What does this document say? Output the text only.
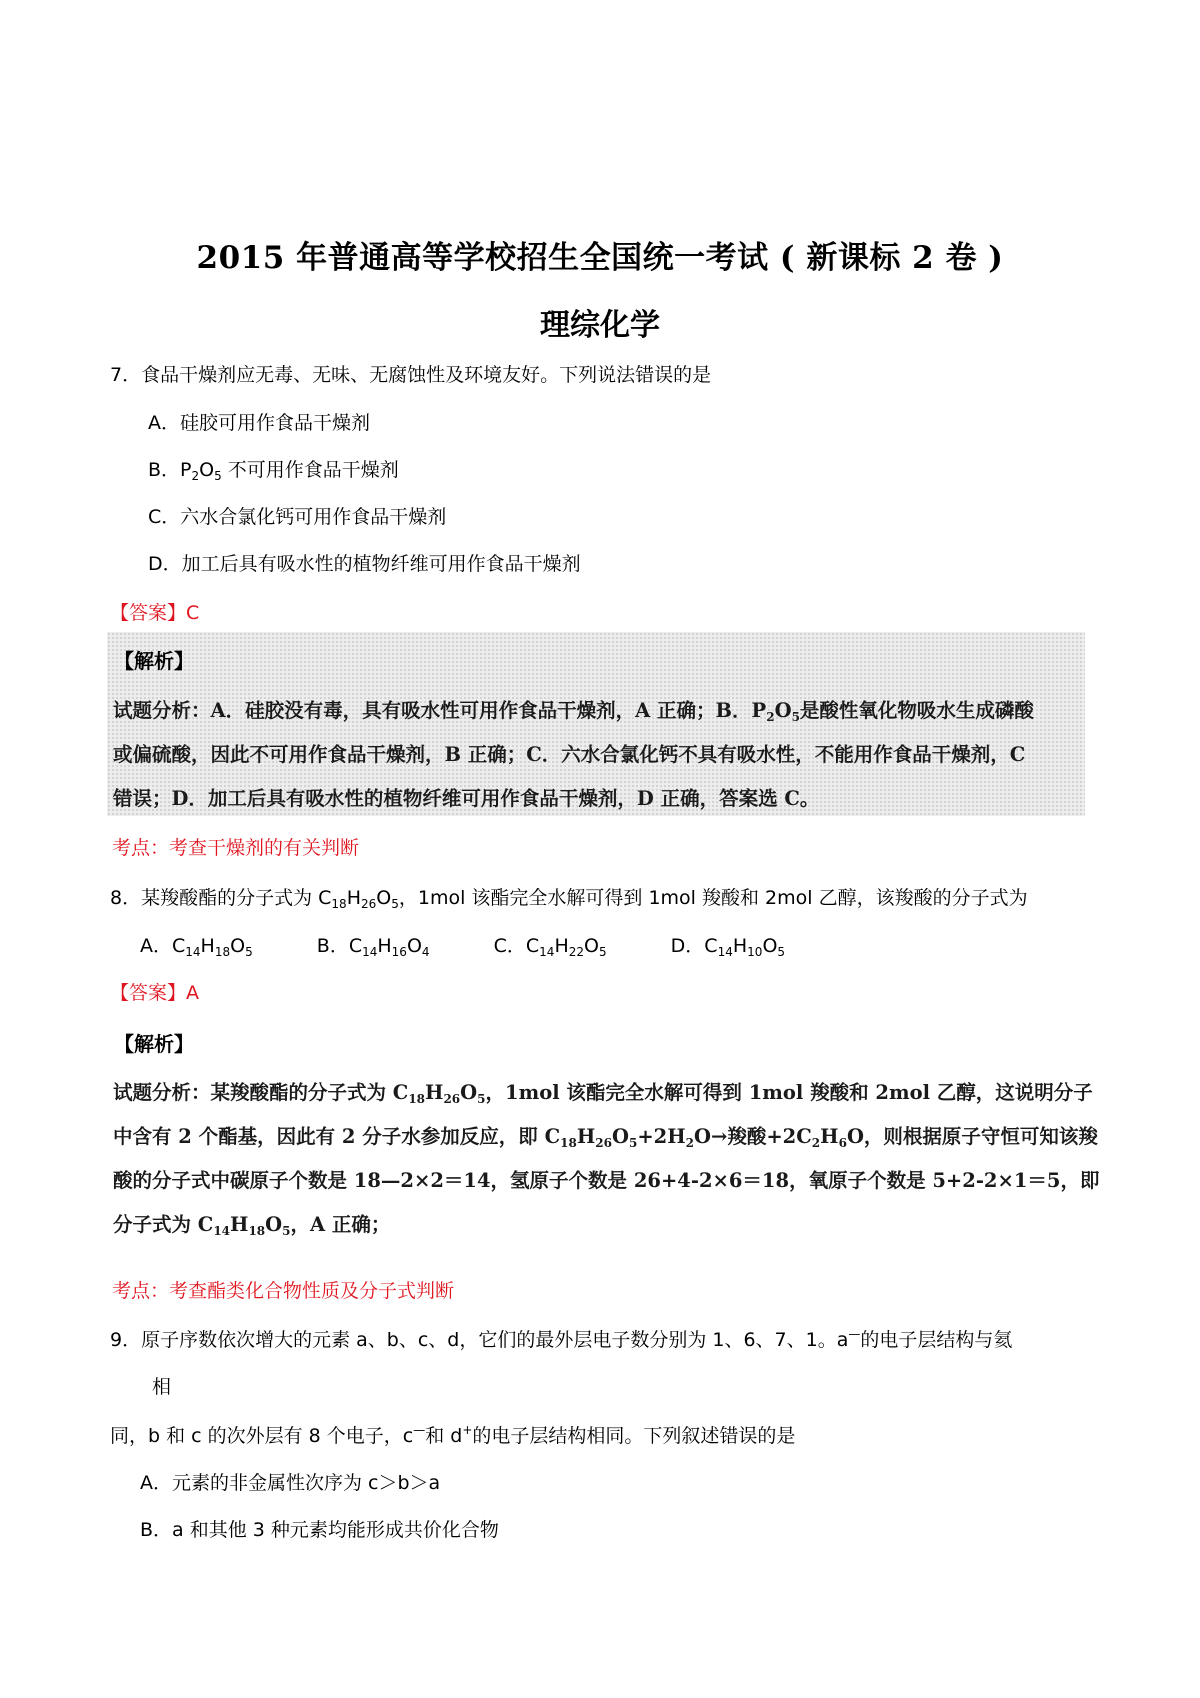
2015 年普通高等学校招生全国统一考试 ( 新课标 2 卷 )
理综化学
7．食品干燥剂应无毒、无味、无腐蚀性及环境友好。下列说法错误的是
A．硅胶可用作食品干燥剂
B．$P_2O_5$ 不可用作食品干燥剂
C．六水合氯化钙可用作食品干燥剂
D．加工后具有吸水性的植物纤维可用作食品干燥剂
【答案】C
【解析】
试题分析：A．硅胶没有毒，具有吸水性可用作食品干燥剂，A 正确；B．$P_2O_5$是酸性氧化物吸水生成磷酸
或偏硫酸，因此不可用作食品干燥剂，B 正确；C．六水合氯化钙不具有吸水性，不能用作食品干燥剂，C
错误；D．加工后具有吸水性的植物纤维可用作食品干燥剂，D 正确，答案选 C。
考点：考查干燥剂的有关判断
8．某羧酸酯的分子式为 $C_{18}H_{26}O_5$，1mol 该酯完全水解可得到 1mol 羧酸和 2mol 乙醇，该羧酸的分子式为
A．$C_{14}H_{18}O_5$	B．$C_{14}H_{16}O_4$	C．$C_{14}H_{22}O_5$	D．$C_{14}H_{10}O_5$
【答案】A
【解析】
试题分析：某羧酸酯的分子式为 $C_{18}H_{26}O_5$，1mol 该酯完全水解可得到 1mol 羧酸和 2mol 乙醇，这说明分子
中含有 2 个酯基，因此有 2 分子水参加反应，即 $C_{18}H_{26}O_5+2H_2O\to$羧酸$+2C_2H_6O$，则根据原子守恒可知该羧
酸的分子式中碳原子个数是 18—2×2＝14，氢原子个数是 26+4-2×6＝18，氧原子个数是 5+2-2×1＝5，即
分子式为 $C_{14}H_{18}O_5$，A 正确；
考点：考查酯类化合物性质及分子式判断
9．原子序数依次增大的元素 a、b、c、d，它们的最外层电子数分别为 1、6、7、1。a—的电子层结构与氦
相
同，b 和 c 的次外层有 8 个电子，c—和 d+的电子层结构相同。下列叙述错误的是
A．元素的非金属性次序为 c＞b＞a
B．a 和其他 3 种元素均能形成共价化合物
